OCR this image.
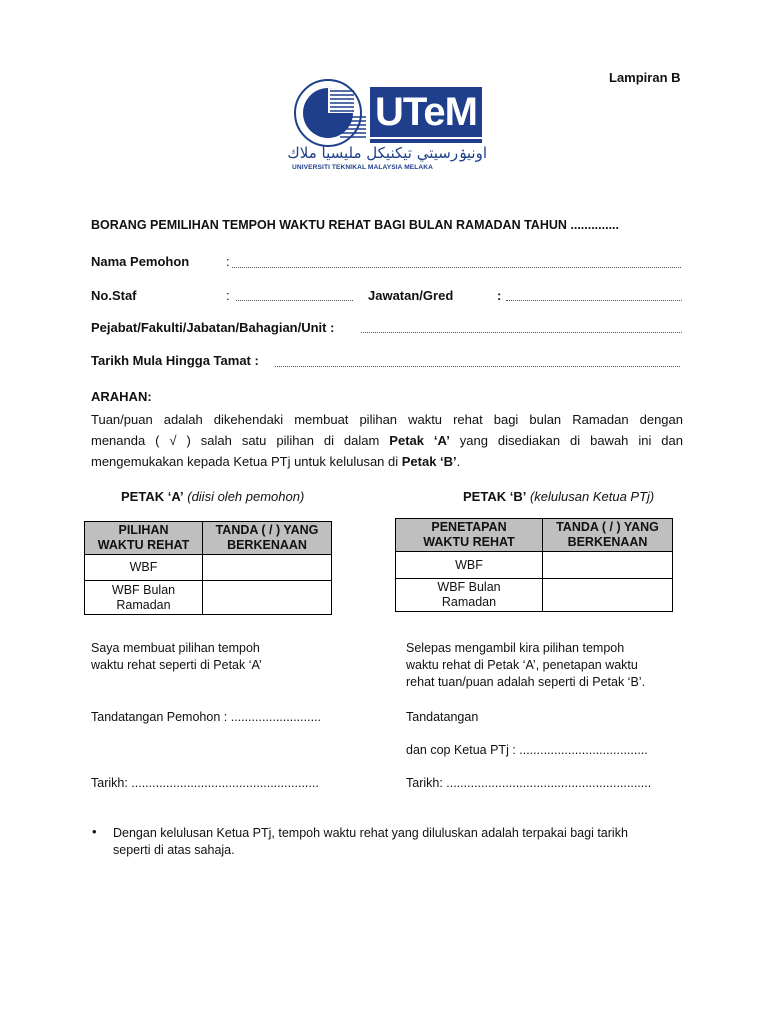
Lampiran B
UTeM
اونيۏرسيتي تيكنيكل مليسيا ملاك
UNIVERSITI TEKNIKAL MALAYSIA MELAKA
BORANG PEMILIHAN TEMPOH WAKTU REHAT BAGI BULAN RAMADAN TAHUN ..............
Nama Pemohon	:
No.Staf	:	Jawatan/Gred	:
Pejabat/Fakulti/Jabatan/Bahagian/Unit :
Tarikh Mula Hingga Tamat :
ARAHAN:

Tuan/puan adalah dikehendaki membuat pilihan waktu rehat bagi bulan Ramadan dengan

menanda ( √ ) salah satu pilihan di dalam Petak ‘A’ yang disediakan di bawah ini dan

mengemukakan kepada Ketua PTj untuk kelulusan di Petak ‘B’.

PETAK ‘A’ (diisi oleh pemohon)	PETAK ‘B’ (kelulusan Ketua PTj)
PILIHAN
WAKTU REHAT	TANDA ( / ) YANG
BERKENAAN
WBF	
WBF Bulan
Ramadan	
PENETAPAN
WAKTU REHAT	TANDA ( / ) YANG
BERKENAAN
WBF	
WBF Bulan
Ramadan	
Saya membuat pilihan tempoh
waktu rehat seperti di Petak ‘A’
Tandatangan Pemohon : ..........................
Tarikh: ......................................................
Selepas mengambil kira pilihan tempoh
waktu rehat di Petak ‘A’, penetapan waktu
rehat tuan/puan adalah seperti di Petak ‘B’.
Tandatangan
dan cop Ketua PTj : .....................................
Tarikh: ...........................................................
• Dengan kelulusan Ketua PTj, tempoh waktu rehat yang diluluskan adalah terpakai bagi tarikh
seperti di atas sahaja.
